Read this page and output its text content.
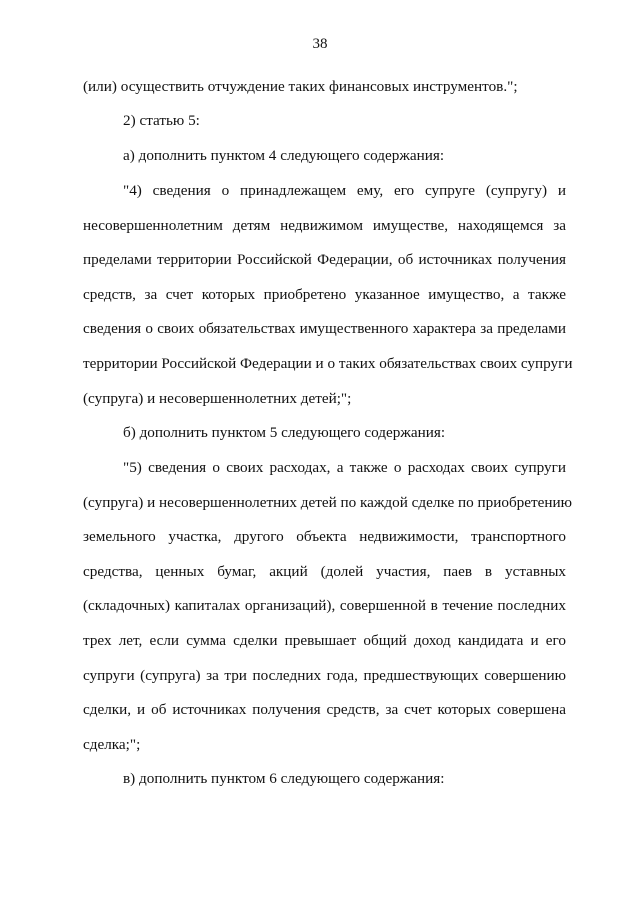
38
(или) осуществить отчуждение таких финансовых инструментов.";
2) статью 5:
а) дополнить пунктом 4 следующего содержания:
"4) сведения о принадлежащем ему, его супруге (супругу) и
несовершеннолетним детям недвижимом имуществе, находящемся за
пределами территории Российской Федерации, об источниках получения
средств, за счет которых приобретено указанное имущество, а также
сведения о своих обязательствах имущественного характера за пределами
территории Российской Федерации и о таких обязательствах своих супруги
(супруга) и несовершеннолетних детей;";
б) дополнить пунктом 5 следующего содержания:
"5) сведения о своих расходах, а также о расходах своих супруги
(супруга) и несовершеннолетних детей по каждой сделке по приобретению
земельного участка, другого объекта недвижимости, транспортного
средства, ценных бумаг, акций (долей участия, паев в уставных
(складочных) капиталах организаций), совершенной в течение последних
трех лет, если сумма сделки превышает общий доход кандидата и его
супруги (супруга) за три последних года, предшествующих совершению
сделки, и об источниках получения средств, за счет которых совершена
сделка;";
в) дополнить пунктом 6 следующего содержания:
